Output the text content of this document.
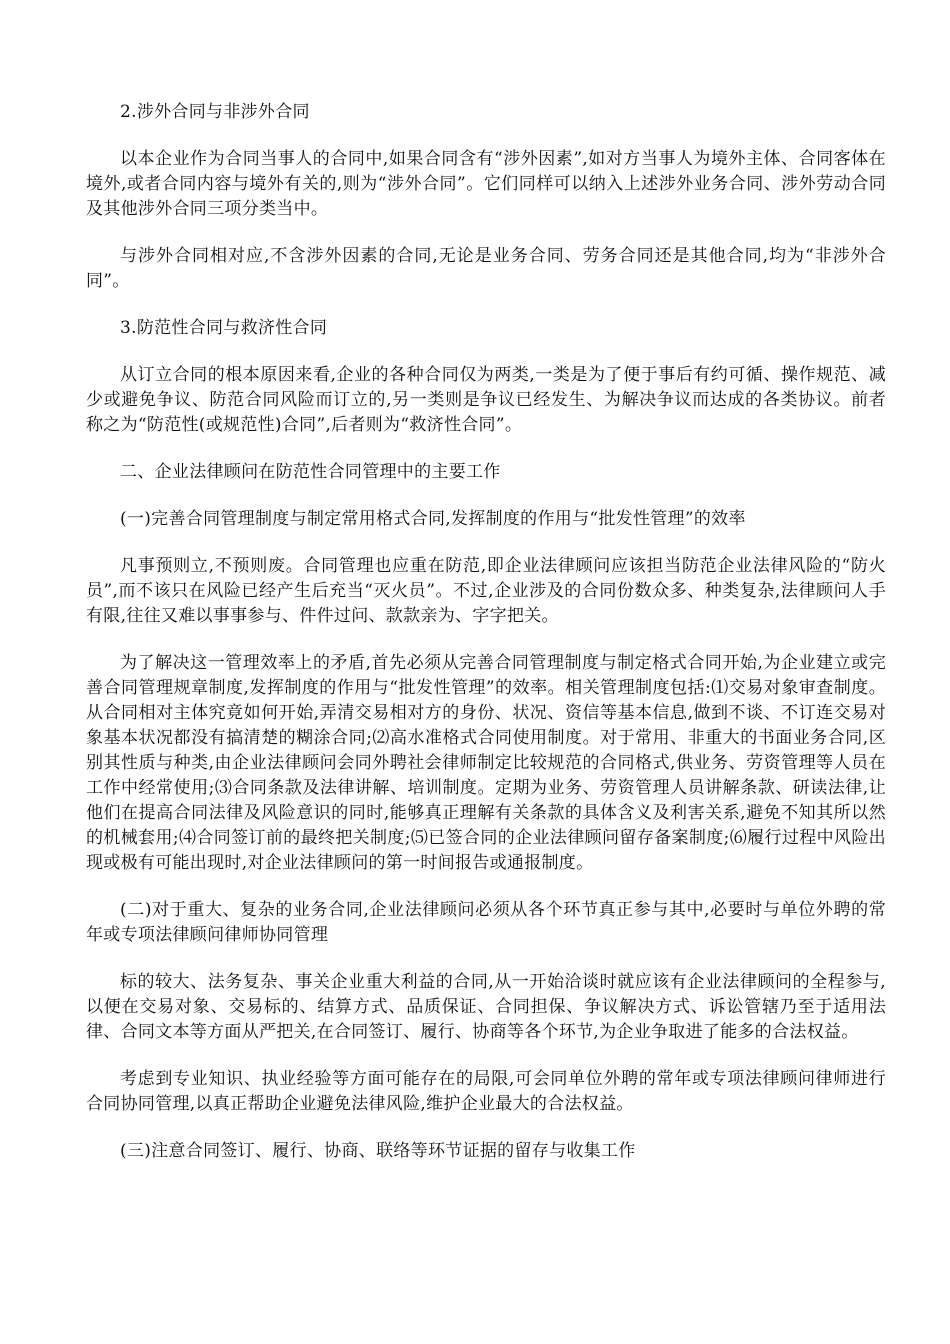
2.涉外合同与非涉外合同

以本企业作为合同当事人的合同中,如果合同含有“涉外因素”,如对方当事人为境外主体、合同客体在境外,或者合同内容与境外有关的,则为“涉外合同”。它们同样可以纳入上述涉外业务合同、涉外劳动合同及其他涉外合同三项分类当中。

与涉外合同相对应,不含涉外因素的合同,无论是业务合同、劳务合同还是其他合同,均为“非涉外合同”。

3.防范性合同与救济性合同

从订立合同的根本原因来看,企业的各种合同仅为两类,一类是为了便于事后有约可循、操作规范、减少或避免争议、防范合同风险而订立的,另一类则是争议已经发生、为解决争议而达成的各类协议。前者称之为“防范性(或规范性)合同”,后者则为“救济性合同”。

二、企业法律顾问在防范性合同管理中的主要工作

(一)完善合同管理制度与制定常用格式合同,发挥制度的作用与“批发性管理”的效率

凡事预则立,不预则废。合同管理也应重在防范,即企业法律顾问应该担当防范企业法律风险的“防火员”,而不该只在风险已经产生后充当“灭火员”。不过,企业涉及的合同份数众多、种类复杂,法律顾问人手有限,往往又难以事事参与、件件过问、款款亲为、字字把关。

为了解决这一管理效率上的矛盾,首先必须从完善合同管理制度与制定格式合同开始,为企业建立或完善合同管理规章制度,发挥制度的作用与“批发性管理”的效率。相关管理制度包括:⑴交易对象审查制度。从合同相对主体究竟如何开始,弄清交易相对方的身份、状况、资信等基本信息,做到不谈、不订连交易对象基本状况都没有搞清楚的糊涂合同;⑵高水准格式合同使用制度。对于常用、非重大的书面业务合同,区别其性质与种类,由企业法律顾问会同外聘社会律师制定比较规范的合同格式,供业务、劳资管理等人员在工作中经常使用;⑶合同条款及法律讲解、培训制度。定期为业务、劳资管理人员讲解条款、研读法律,让他们在提高合同法律及风险意识的同时,能够真正理解有关条款的具体含义及利害关系,避免不知其所以然的机械套用;⑷合同签订前的最终把关制度;⑸已签合同的企业法律顾问留存备案制度;⑹履行过程中风险出现或极有可能出现时,对企业法律顾问的第一时间报告或通报制度。

(二)对于重大、复杂的业务合同,企业法律顾问必须从各个环节真正参与其中,必要时与单位外聘的常年或专项法律顾问律师协同管理

标的较大、法务复杂、事关企业重大利益的合同,从一开始洽谈时就应该有企业法律顾问的全程参与,以便在交易对象、交易标的、结算方式、品质保证、合同担保、争议解决方式、诉讼管辖乃至于适用法律、合同文本等方面从严把关,在合同签订、履行、协商等各个环节,为企业争取进了能多的合法权益。

考虑到专业知识、执业经验等方面可能存在的局限,可会同单位外聘的常年或专项法律顾问律师进行合同协同管理,以真正帮助企业避免法律风险,维护企业最大的合法权益。

(三)注意合同签订、履行、协商、联络等环节证据的留存与收集工作
